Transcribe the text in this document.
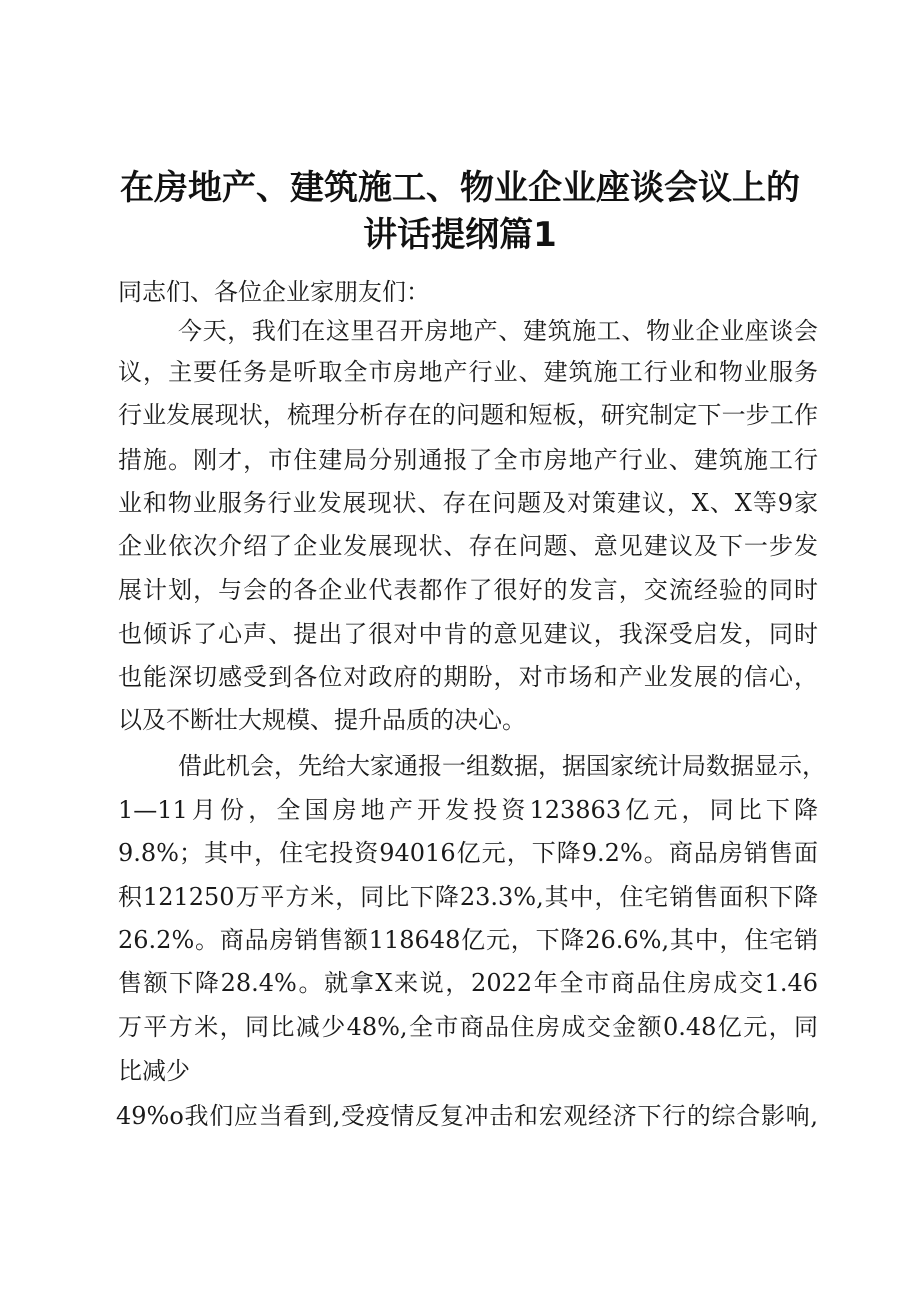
在房地产、建筑施工、物业企业座谈会议上的
讲话提纲篇1
同志们、各位企业家朋友们：
今天，我们在这里召开房地产、建筑施工、物业企业座谈会
议，主要任务是听取全市房地产行业、建筑施工行业和物业服务
行业发展现状，梳理分析存在的问题和短板，研究制定下一步工作
措施。刚才，市住建局分别通报了全市房地产行业、建筑施工行
业和物业服务行业发展现状、存在问题及对策建议，X、X等9家
企业依次介绍了企业发展现状、存在问题、意见建议及下一步发
展计划，与会的各企业代表都作了很好的发言，交流经验的同时
也倾诉了心声、提出了很对中肯的意见建议，我深受启发，同时
也能深切感受到各位对政府的期盼，对市场和产业发展的信心，
以及不断壮大规模、提升品质的决心。
借此机会，先给大家通报一组数据，据国家统计局数据显示，
1—11月份，全国房地产开发投资123863亿元，同比下降
9.8%；其中，住宅投资94016亿元，下降9.2%。商品房销售面
积121250万平方米，同比下降23.3%,其中，住宅销售面积下降
26.2%。商品房销售额118648亿元，下降26.6%,其中，住宅销
售额下降28.4%。就拿X来说，2022年全市商品住房成交1.46
万平方米，同比减少48%,全市商品住房成交金额0.48亿元，同
比减少
49%o我们应当看到,受疫情反复冲击和宏观经济下行的综合影响,
